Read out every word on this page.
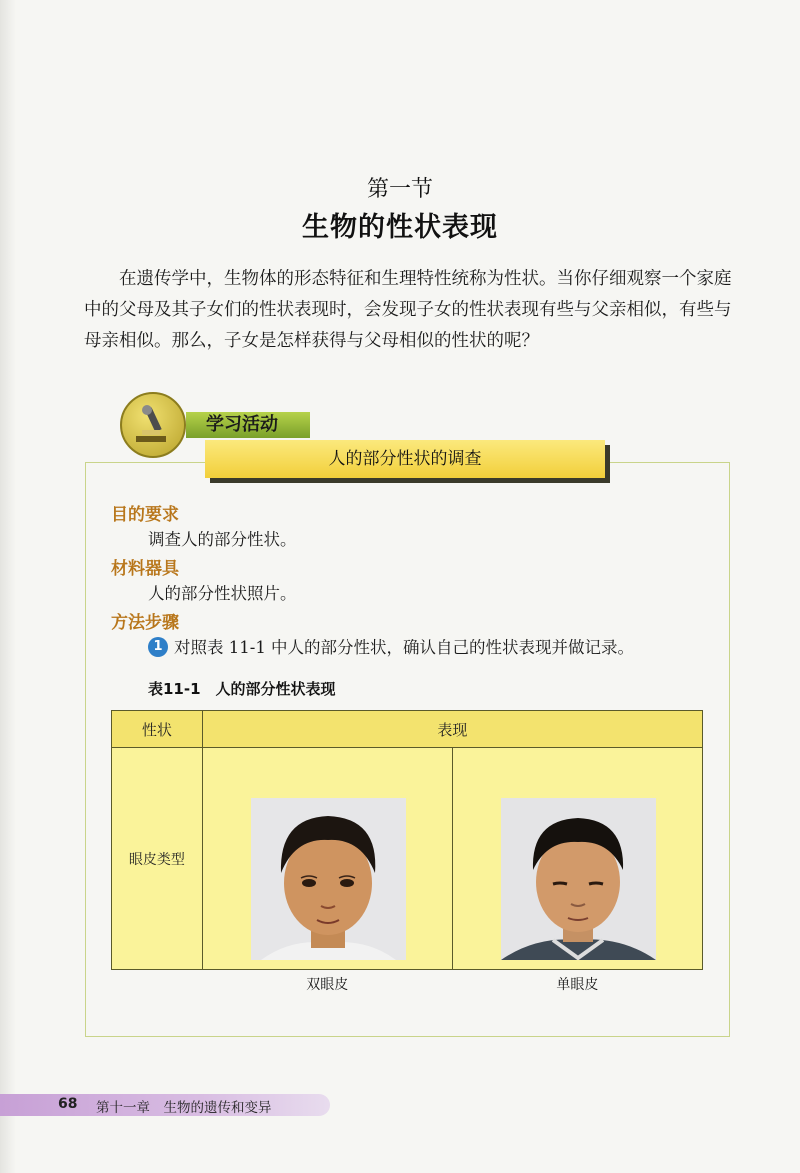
第一节
生物的性状表现

在遗传学中，生物体的形态特征和生理特性统称为性状。当你仔细观察一个家庭中的父母及其子女们的性状表现时，会发现子女的性状表现有些与父亲相似，有些与母亲相似。那么，子女是怎样获得与父母相似的性状的呢？

学习活动
人的部分性状的调查
目的要求
调查人的部分性状。
材料器具
人的部分性状照片。
方法步骤
1 对照表 11-1 中人的部分性状，确认自己的性状表现并做记录。
表11-1　人的部分性状表现
性状	表现	
眼皮类型	双眼皮	单眼皮
68 第十一章　生物的遗传和变异
